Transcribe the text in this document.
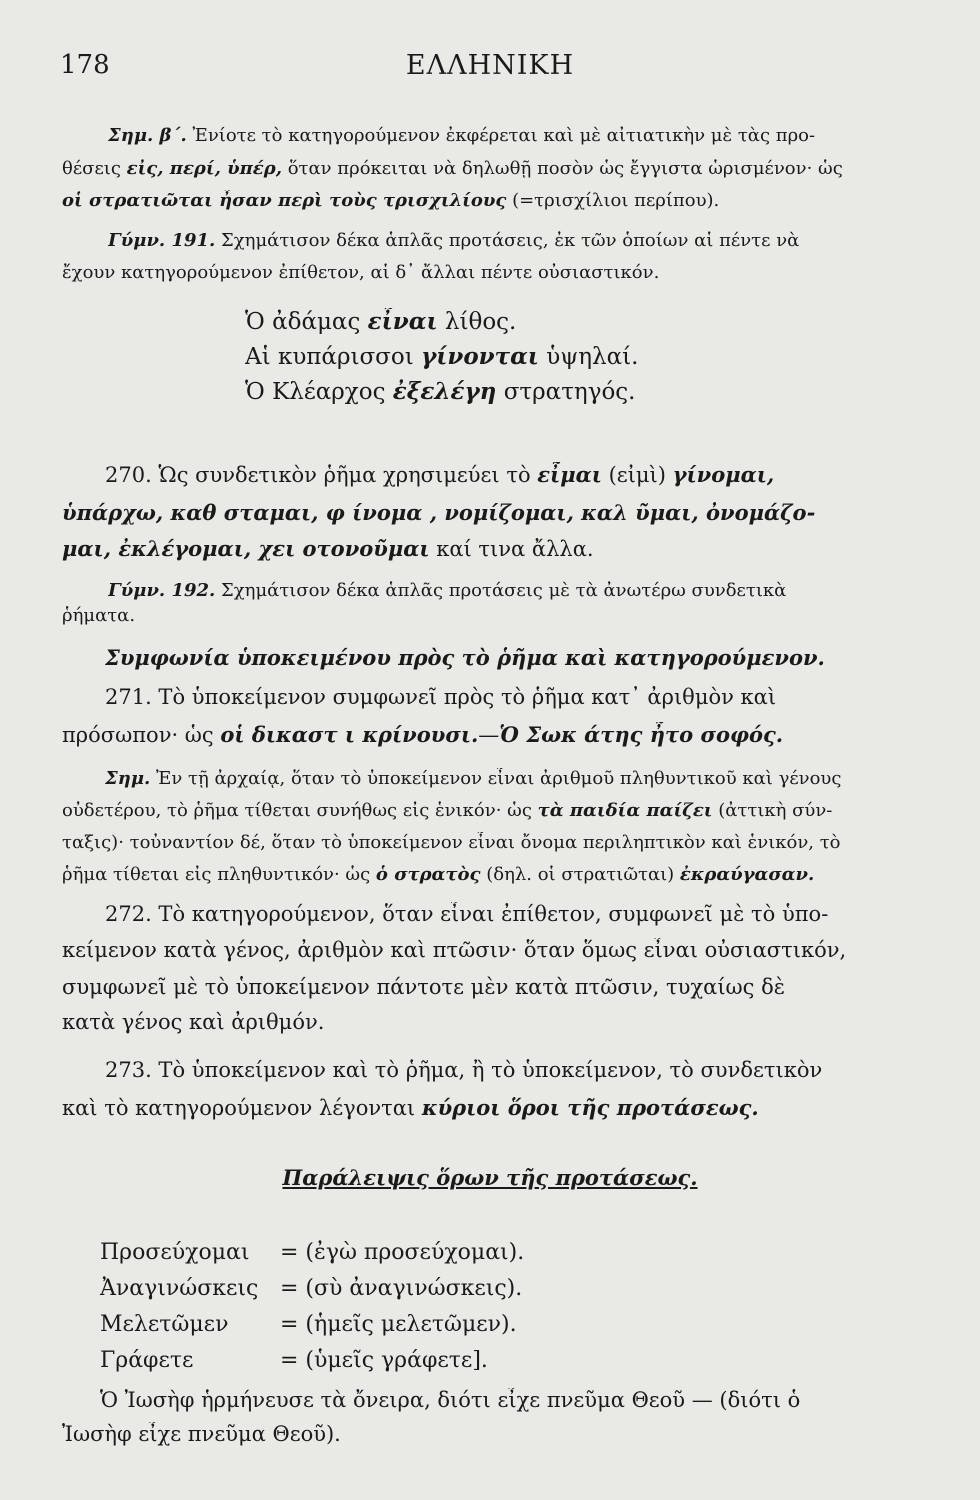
178	ΕΛΛΗΝΙΚΗ
Σημ. β΄. Ἐνίοτε τὸ κατηγορούμενον ἐκφέρεται καὶ μὲ αἰτιατικὴν μὲ τὰς προ-
θέσεις εἰς, περί, ὑπέρ, ὅταν πρόκειται νὰ δηλωθῇ ποσὸν ὡς ἔγγιστα ὡρισμένον· ὡς
οἱ στρατιῶται ἦσαν περὶ τοὺς τρισχιλίους (=τρισχίλιοι περίπου).
Γύμν. 191. Σχημάτισον δέκα ἁπλᾶς προτάσεις, ἐκ τῶν ὁποίων αἱ πέντε νὰ
ἔχουν κατηγορούμενον ἐπίθετον, αἱ δ᾽ ἄλλαι πέντε οὐσιαστικόν.
Ὁ ἀδάμας εἶναι λίθος.
Αἱ κυπάρισσοι γίνονται ὑψηλαί.
Ὁ Κλέαρχος ἐξελέγη στρατηγός.
270. Ὡς συνδετικὸν ῥῆμα χρησιμεύει τὸ εἶμαι (εἰμὶ) γίνομαι,
ὑπάρχω, καθ σταμαι, φ ίνομα , νομίζομαι, καλ ῦμαι, ὀνομάζο-
μαι, ἐκλέγομαι, χει οτονοῦμαι καί τινα ἄλλα.
Γύμν. 192. Σχημάτισον δέκα ἁπλᾶς προτάσεις μὲ τὰ ἀνωτέρω συνδετικὰ
ῥήματα.
Συμφωνία ὑποκειμένου πρὸς τὸ ῥῆμα καὶ κατηγορούμενον.
271. Τὸ ὑποκείμενον συμφωνεῖ πρὸς τὸ ῥῆμα κατ᾽ ἀριθμὸν καὶ
πρόσωπον· ὡς οἱ δικαστ ι κρίνουσι.—Ὁ Σωκ άτης ἦτο σοφός.
Σημ. Ἐν τῇ ἀρχαίᾳ, ὅταν τὸ ὑποκείμενον εἶναι ἀριθμοῦ πληθυντικοῦ καὶ γένους
οὐδετέρου, τὸ ῥῆμα τίθεται συνήθως εἰς ἑνικόν· ὡς τὰ παιδία παίζει (ἀττικὴ σύν-
ταξις)· τοὐναντίον δέ, ὅταν τὸ ὑποκείμενον εἶναι ὄνομα περιληπτικὸν καὶ ἑνικόν, τὸ
ῥῆμα τίθεται εἰς πληθυντικόν· ὡς ὁ στρατὸς (δηλ. οἱ στρατιῶται) ἐκραύγασαν.
272. Τὸ κατηγορούμενον, ὅταν εἶναι ἐπίθετον, συμφωνεῖ μὲ τὸ ὑπο-
κείμενον κατὰ γένος, ἀριθμὸν καὶ πτῶσιν· ὅταν ὅμως εἶναι οὐσιαστικόν,
συμφωνεῖ μὲ τὸ ὑποκείμενον πάντοτε μὲν κατὰ πτῶσιν, τυχαίως δὲ
κατὰ γένος καὶ ἀριθμόν.
273. Τὸ ὑποκείμενον καὶ τὸ ῥῆμα, ἢ τὸ ὑποκείμενον, τὸ συνδετικὸν
καὶ τὸ κατηγορούμενον λέγονται κύριοι ὅροι τῆς προτάσεως.
Παράλειψις ὅρων τῆς προτάσεως.
Προσεύχομαι = (ἐγὼ προσεύχομαι).
Ἀναγινώσκεις = (σὺ ἀναγινώσκεις).
Μελετῶμεν = (ἡμεῖς μελετῶμεν).
Γράφετε	= (ὑμεῖς γράφετε].
Ὁ Ἰωσὴφ ἡρμήνευσε τὰ ὄνειρα, διότι εἶχε πνεῦμα Θεοῦ — (διότι ὁ
Ἰωσὴφ εἶχε πνεῦμα Θεοῦ).
